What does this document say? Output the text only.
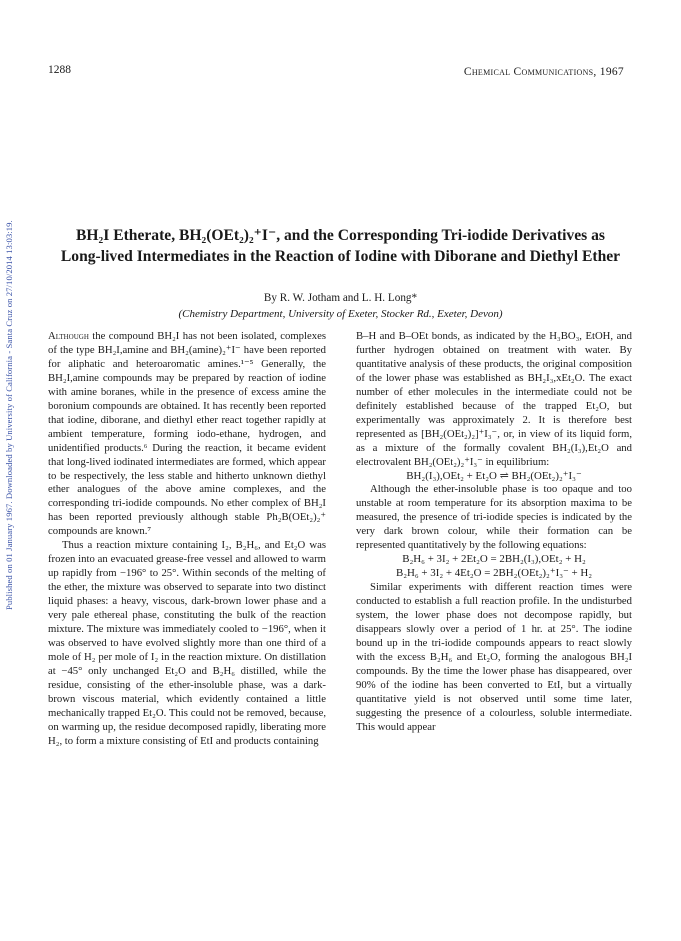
Published on 01 January 1967. Downloaded by University of California - Santa Cruz on 27/10/2014 13:03:19.
1288	Chemical Communications, 1967
BH₂I Etherate, BH₂(OEt₂)₂⁺I⁻, and the Corresponding Tri-iodide Derivatives as Long-lived Intermediates in the Reaction of Iodine with Diborane and Diethyl Ether
By R. W. Jotham and L. H. Long*
(Chemistry Department, University of Exeter, Stocker Rd., Exeter, Devon)

Although the compound BH₂I has not been isolated, complexes of the type BH₂I,amine and BH₂(amine)₂⁺I⁻ have been reported for aliphatic and heteroaromatic amines.¹⁻⁵ Generally, the BH₂I,amine compounds may be prepared by reaction of iodine with amine boranes, while in the presence of excess amine the boronium compounds are obtained. It has recently been reported that iodine, diborane, and diethyl ether react together rapidly at ambient temperature, forming iodo-ethane, hydrogen, and unidentified products.⁶ During the reaction, it became evident that long-lived iodinated intermediates are formed, which appear to be respectively, the less stable and hitherto unknown diethyl ether analogues of the above amine complexes, and the corresponding tri-iodide compounds. No ether complex of BH₂I has been reported previously although stable Ph₂B(OEt₂)₂⁺ compounds are known.⁷

Thus a reaction mixture containing I₂, B₂H₆, and Et₂O was frozen into an evacuated grease-free vessel and allowed to warm up rapidly from −196° to 25°. Within seconds of the melting of the ether, the mixture was observed to separate into two distinct liquid phases: a heavy, viscous, dark-brown lower phase and a very pale ethereal phase, constituting the bulk of the reaction mixture. The mixture was immediately cooled to −196°, when it was observed to have evolved slightly more than one third of a mole of H₂ per mole of I₂ in the reaction mixture. On distillation at −45° only unchanged Et₂O and B₂H₆ distilled, while the residue, consisting of the ether-insoluble phase, was a dark-brown viscous material, which evidently contained a little mechanically trapped Et₂O. This could not be removed, because, on warming up, the residue decomposed rapidly, liberating more H₂, to form a mixture consisting of EtI and products containing

B–H and B–OEt bonds, as indicated by the H₃BO₃, EtOH, and further hydrogen obtained on treatment with water. By quantitative analysis of these products, the original composition of the lower phase was established as BH₂I₃,xEt₂O. The exact number of ether molecules in the intermediate could not be definitely established because of the trapped Et₂O, but experimentally was approximately 2. It is therefore best represented as [BH₂(OEt₂)₂]⁺I₃⁻, or, in view of its liquid form, as a mixture of the formally covalent BH₂(I₃),Et₂O and electrovalent BH₂(OEt₂)₂⁺I₃⁻ in equilibrium:

BH₂(I₃),OEt₂ + Et₂O ⇌ BH₂(OEt₂)₂⁺I₃⁻

Although the ether-insoluble phase is too opaque and too unstable at room temperature for its absorption maxima to be measured, the presence of tri-iodide species is indicated by the very dark brown colour, while their formation can be represented quantitatively by the following equations:

B₂H₆ + 3I₂ + 2Et₂O = 2BH₂(I₃),OEt₂ + H₂

B₂H₆ + 3I₂ + 4Et₂O = 2BH₂(OEt₂)₂⁺I₃⁻ + H₂

Similar experiments with different reaction times were conducted to establish a full reaction profile. In the undisturbed system, the lower phase does not decompose rapidly, but disappears slowly over a period of 1 hr. at 25°. The iodine bound up in the tri-iodide compounds appears to react slowly with the excess B₂H₆ and Et₂O, forming the analogous BH₂I compounds. By the time the lower phase has disappeared, over 90% of the iodine has been converted to EtI, but a virtually quantitative yield is not observed until some time later, suggesting the presence of a colourless, soluble intermediate. This would appear
